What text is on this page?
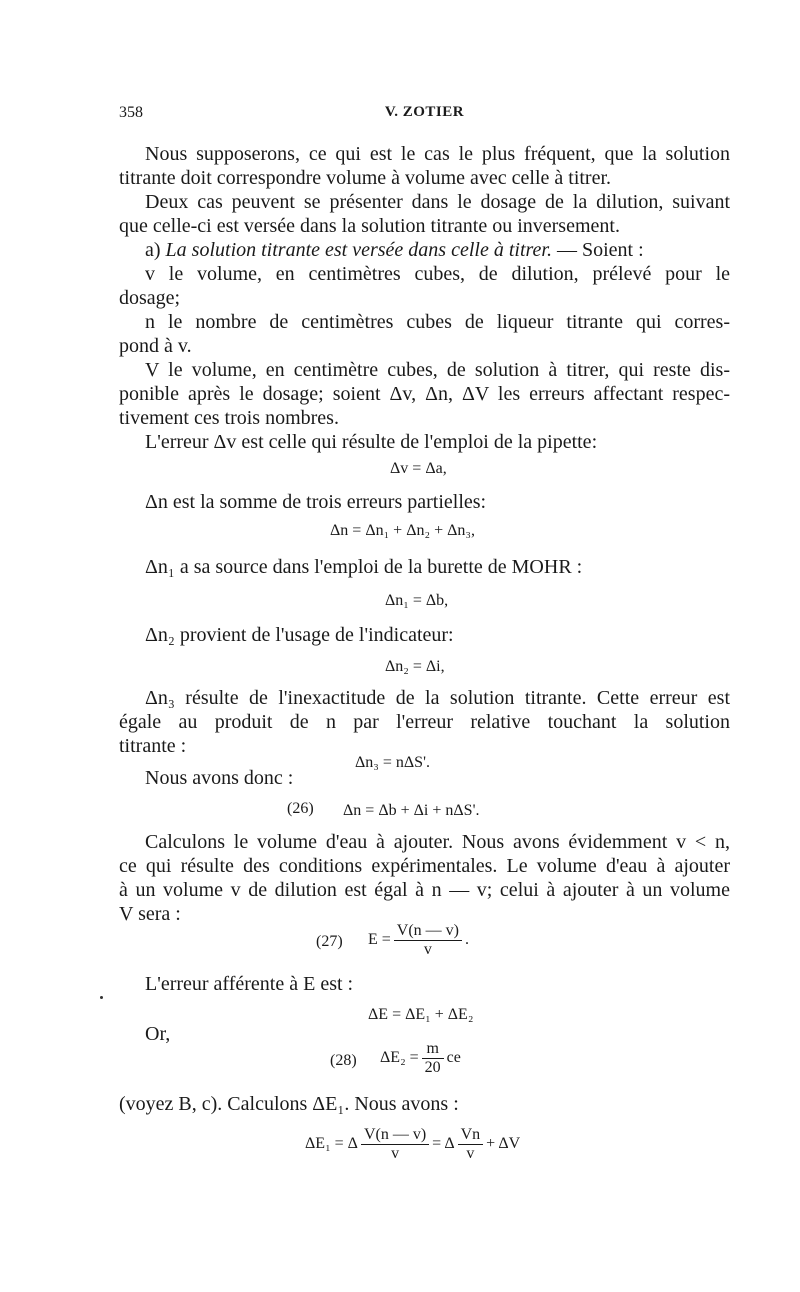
358	V. ZOTIER
Nous supposerons, ce qui est le cas le plus fréquent, que la solution
titrante doit correspondre volume à volume avec celle à titrer.
Deux cas peuvent se présenter dans le dosage de la dilution, suivant
que celle-ci est versée dans la solution titrante ou inversement.
a) La solution titrante est versée dans celle à titrer. — Soient :
v le volume, en centimètres cubes, de dilution, prélevé pour le
dosage;
n le nombre de centimètres cubes de liqueur titrante qui corres-
pond à v.
V le volume, en centimètre cubes, de solution à titrer, qui reste dis-
ponible après le dosage; soient Δv, Δn, ΔV les erreurs affectant respec-
tivement ces trois nombres.
L'erreur Δv est celle qui résulte de l'emploi de la pipette:
Δv = Δa,
Δn est la somme de trois erreurs partielles:
Δn = Δn₁ + Δn₂ + Δn₃,
Δn₁ a sa source dans l'emploi de la burette de MOHR :
Δn₁ = Δb,
Δn₂ provient de l'usage de l'indicateur:
Δn₂ = Δi,
Δn₃ résulte de l'inexactitude de la solution titrante. Cette erreur est
égale au produit de n par l'erreur relative touchant la solution
titrante :
Δn₃ = nΔS'.
Nous avons donc :
(26) Δn = Δb + Δi + nΔS'.
Calculons le volume d'eau à ajouter. Nous avons évidemment v < n,
ce qui résulte des conditions expérimentales. Le volume d'eau à ajouter
à un volume v de dilution est égal à n — v; celui à ajouter à un volume
V sera :
(27) $E = \frac{V(n — v)}{v}$ .
L'erreur afférente à E est :
ΔE = ΔE₁ + ΔE₂
Or,
(28) $\Delta E_2 = \frac{m}{20}$ ce
(voyez B, c). Calculons ΔE₁. Nous avons :
ΔE₁ = Δ $\frac{V(n — v)}{v} = \Delta \frac{Vn}{v} + \Delta V$
